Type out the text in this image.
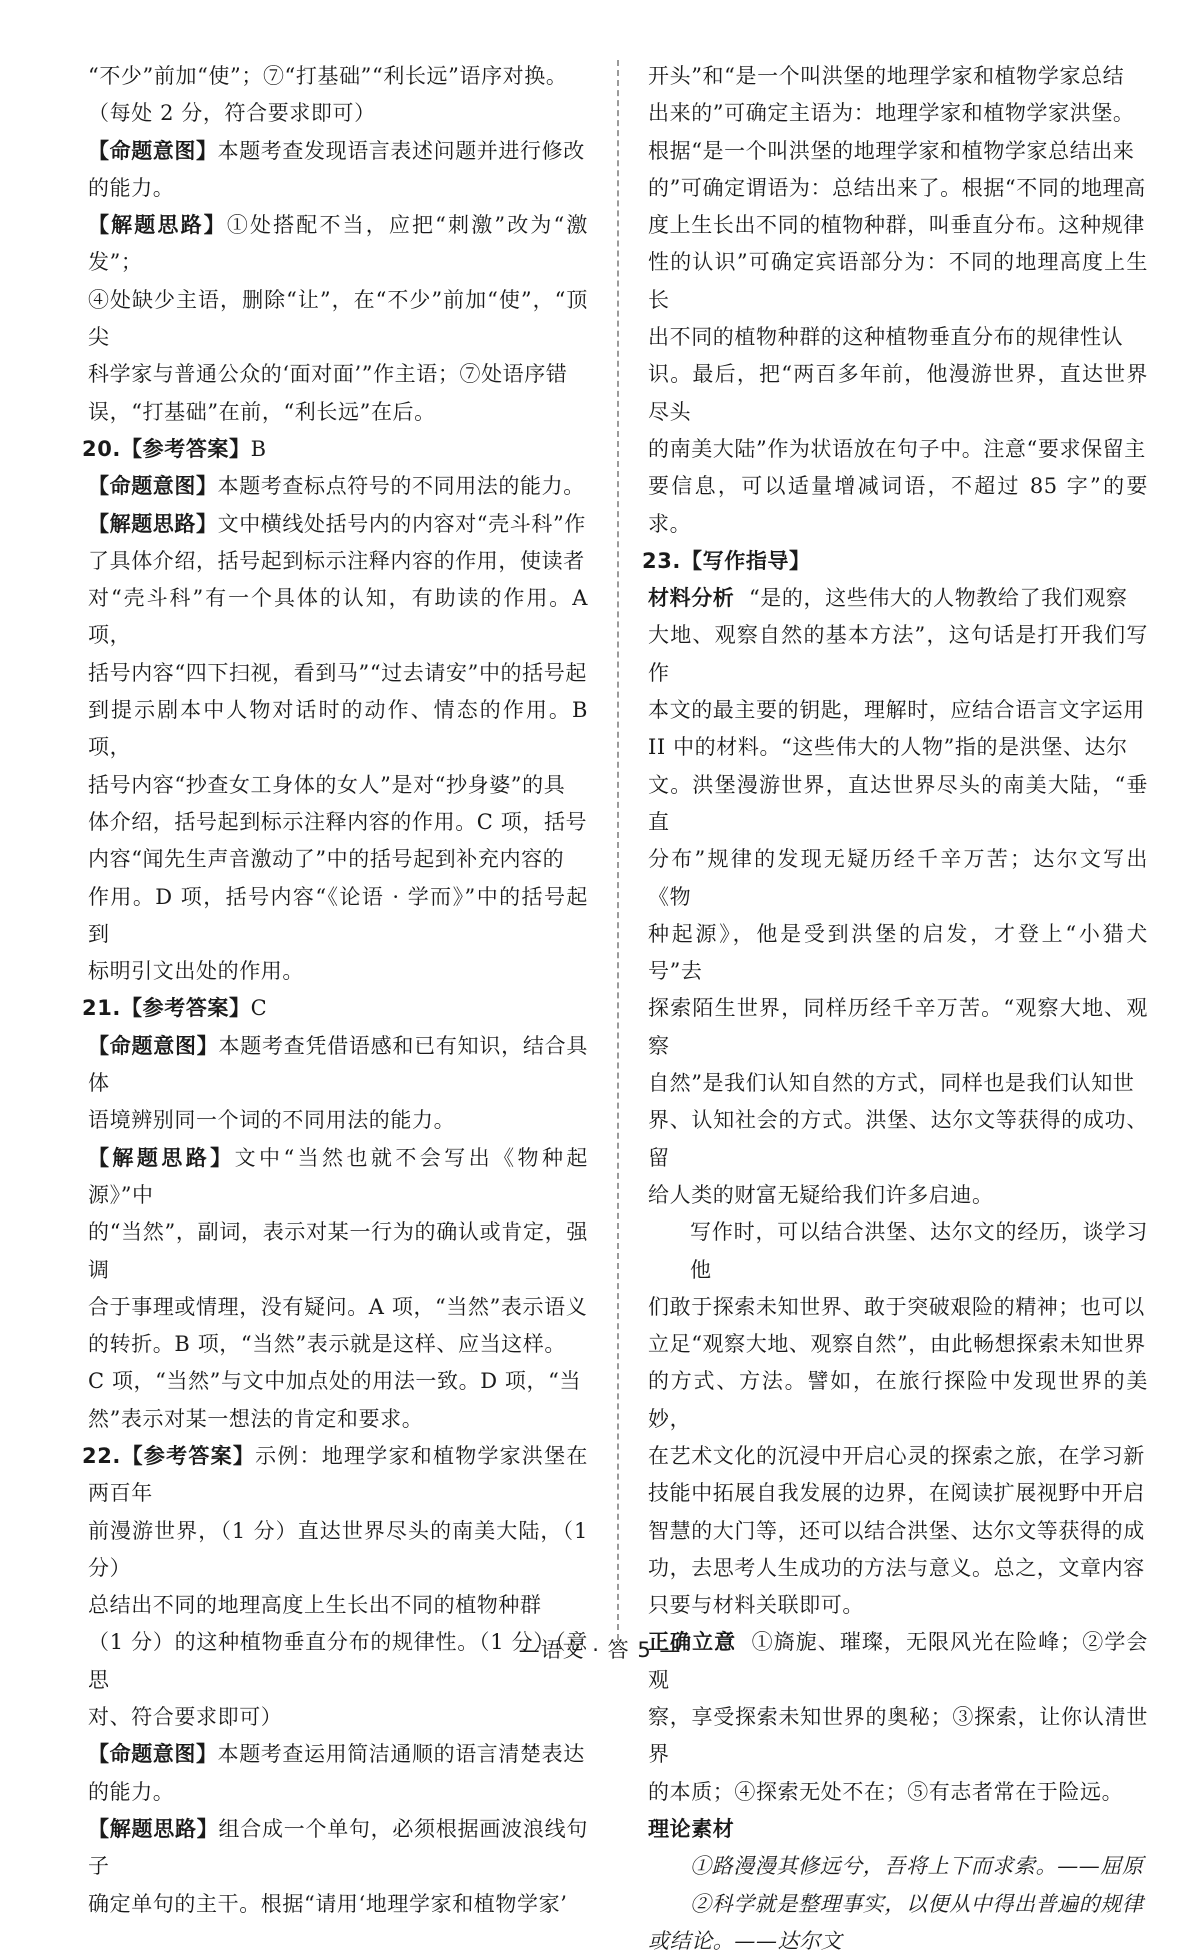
“不少”前加“使”；⑦“打基础”“利长远”语序对换。

（每处 2 分，符合要求即可）

【命题意图】本题考查发现语言表述问题并进行修改

的能力。

【解题思路】①处搭配不当，应把“刺激”改为“激发”；

④处缺少主语，删除“让”，在“不少”前加“使”，“顶尖

科学家与普通公众的‘面对面’”作主语；⑦处语序错

误，“打基础”在前，“利长远”在后。

20.【参考答案】B

【命题意图】本题考查标点符号的不同用法的能力。

【解题思路】文中横线处括号内的内容对“壳斗科”作

了具体介绍，括号起到标示注释内容的作用，使读者

对“壳斗科”有一个具体的认知，有助读的作用。A 项，

括号内容“四下扫视，看到马”“过去请安”中的括号起

到提示剧本中人物对话时的动作、情态的作用。B 项，

括号内容“抄查女工身体的女人”是对“抄身婆”的具

体介绍，括号起到标示注释内容的作用。C 项，括号

内容“闻先生声音激动了”中的括号起到补充内容的

作用。D 项，括号内容“《论语 · 学而》”中的括号起到

标明引文出处的作用。

21.【参考答案】C

【命题意图】本题考查凭借语感和已有知识，结合具体

语境辨别同一个词的不同用法的能力。

【解题思路】文中“当然也就不会写出《物种起源》”中

的“当然”，副词，表示对某一行为的确认或肯定，强调

合于事理或情理，没有疑问。A 项，“当然”表示语义

的转折。B 项，“当然”表示就是这样、应当这样。

C 项，“当然”与文中加点处的用法一致。D 项，“当

然”表示对某一想法的肯定和要求。

22.【参考答案】示例：地理学家和植物学家洪堡在两百年

前漫游世界，（1 分）直达世界尽头的南美大陆，（1 分）

总结出不同的地理高度上生长出不同的植物种群

（1 分）的这种植物垂直分布的规律性。（1 分）（意思

对、符合要求即可）

【命题意图】本题考查运用简洁通顺的语言清楚表达

的能力。

【解题思路】组合成一个单句，必须根据画波浪线句子

确定单句的主干。根据“请用‘地理学家和植物学家’

开头”和“是一个叫洪堡的地理学家和植物学家总结

出来的”可确定主语为：地理学家和植物学家洪堡。

根据“是一个叫洪堡的地理学家和植物学家总结出来

的”可确定谓语为：总结出来了。根据“不同的地理高

度上生长出不同的植物种群，叫垂直分布。这种规律

性的认识”可确定宾语部分为：不同的地理高度上生长

出不同的植物种群的这种植物垂直分布的规律性认

识。最后，把“两百多年前，他漫游世界，直达世界尽头

的南美大陆”作为状语放在句子中。注意“要求保留主

要信息，可以适量增减词语，不超过 85 字”的要求。

23.【写作指导】

材料分析 “是的，这些伟大的人物教给了我们观察

大地、观察自然的基本方法”，这句话是打开我们写作

本文的最主要的钥匙，理解时，应结合语言文字运用

II 中的材料。“这些伟大的人物”指的是洪堡、达尔

文。洪堡漫游世界，直达世界尽头的南美大陆，“垂直

分布”规律的发现无疑历经千辛万苦；达尔文写出《物

种起源》，他是受到洪堡的启发，才登上“小猎犬号”去

探索陌生世界，同样历经千辛万苦。“观察大地、观察

自然”是我们认知自然的方式，同样也是我们认知世

界、认知社会的方式。洪堡、达尔文等获得的成功、留

给人类的财富无疑给我们许多启迪。

写作时，可以结合洪堡、达尔文的经历，谈学习他

们敢于探索未知世界、敢于突破艰险的精神；也可以

立足“观察大地、观察自然”，由此畅想探索未知世界

的方式、方法。譬如，在旅行探险中发现世界的美妙，

在艺术文化的沉浸中开启心灵的探索之旅，在学习新

技能中拓展自我发展的边界，在阅读扩展视野中开启

智慧的大门等，还可以结合洪堡、达尔文等获得的成

功，去思考人生成功的方法与意义。总之，文章内容

只要与材料关联即可。

正确立意 ①旖旎、璀璨，无限风光在险峰；②学会观

察，享受探索未知世界的奥秘；③探索，让你认清世界

的本质；④探索无处不在；⑤有志者常在于险远。

理论素材

①路漫漫其修远兮，吾将上下而求索。——屈原

②科学就是整理事实，以便从中得出普遍的规律

或结论。——达尔文

—语文 · 答 5 —
